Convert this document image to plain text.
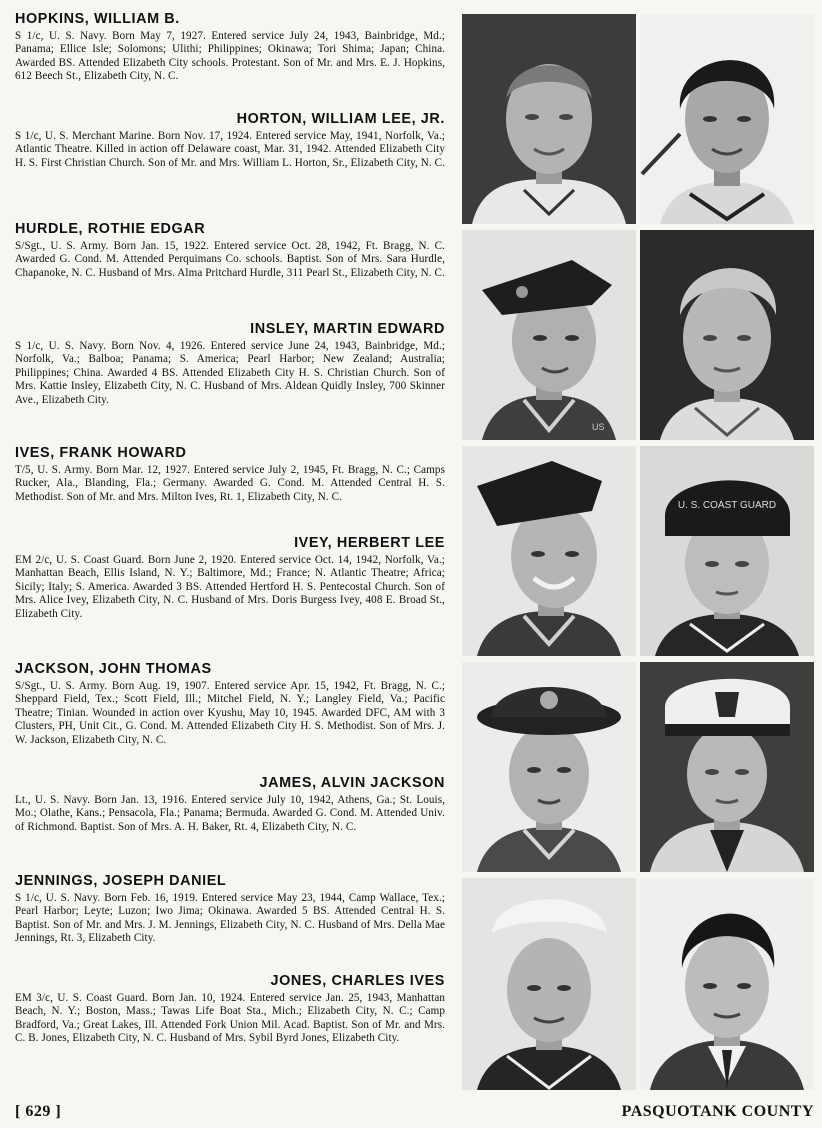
HOPKINS, WILLIAM B.

S 1/c, U. S. Navy. Born May 7, 1927. Entered service July 24, 1943, Bainbridge, Md.; Panama; Ellice Isle; Solomons; Ulithi; Philippines; Okinawa; Tori Shima; Japan; China. Awarded BS. Attended Elizabeth City schools. Protestant. Son of Mr. and Mrs. E. J. Hopkins, 612 Beech St., Elizabeth City, N. C.

HORTON, WILLIAM LEE, JR.

S 1/c, U. S. Merchant Marine. Born Nov. 17, 1924. Entered service May, 1941, Norfolk, Va.; Atlantic Theatre. Killed in action off Delaware coast, Mar. 31, 1942. Attended Elizabeth City H. S. First Christian Church. Son of Mr. and Mrs. William L. Horton, Sr., Elizabeth City, N. C.

HURDLE, ROTHIE EDGAR

S/Sgt., U. S. Army. Born Jan. 15, 1922. Entered service Oct. 28, 1942, Ft. Bragg, N. C. Awarded G. Cond. M. Attended Perquimans Co. schools. Baptist. Son of Mrs. Sara Hurdle, Chapanoke, N. C. Husband of Mrs. Alma Pritchard Hurdle, 311 Pearl St., Elizabeth City, N. C.

INSLEY, MARTIN EDWARD

S 1/c, U. S. Navy. Born Nov. 4, 1926. Entered service June 24, 1943, Bainbridge, Md.; Norfolk, Va.; Balboa; Panama; S. America; Pearl Harbor; New Zealand; Australia; Philippines; China. Awarded 4 BS. Attended Elizabeth City H. S. Christian Church. Son of Mrs. Kattie Insley, Elizabeth City, N. C. Husband of Mrs. Aldean Quidly Insley, 700 Skinner Ave., Elizabeth City.

IVES, FRANK HOWARD

T/5, U. S. Army. Born Mar. 12, 1927. Entered service July 2, 1945, Ft. Bragg, N. C.; Camps Rucker, Ala., Blanding, Fla.; Germany. Awarded G. Cond. M. Attended Central H. S. Methodist. Son of Mr. and Mrs. Milton Ives, Rt. 1, Elizabeth City, N. C.

IVEY, HERBERT LEE

EM 2/c, U. S. Coast Guard. Born June 2, 1920. Entered service Oct. 14, 1942, Norfolk, Va.; Manhattan Beach, Ellis Island, N. Y.; Baltimore, Md.; France; N. Atlantic Theatre; Africa; Sicily; Italy; S. America. Awarded 3 BS. Attended Hertford H. S. Pentecostal Church. Son of Mrs. Alice Ivey, Elizabeth City, N. C. Husband of Mrs. Doris Burgess Ivey, 408 E. Broad St., Elizabeth City.

JACKSON, JOHN THOMAS

S/Sgt., U. S. Army. Born Aug. 19, 1907. Entered service Apr. 15, 1942, Ft. Bragg, N. C.; Sheppard Field, Tex.; Scott Field, Ill.; Mitchel Field, N. Y.; Langley Field, Va.; Pacific Theatre; Tinian. Wounded in action over Kyushu, May 10, 1945. Awarded DFC, AM with 3 Clusters, PH, Unit Cit., G. Cond. M. Attended Elizabeth City H. S. Methodist. Son of Mrs. J. W. Jackson, Elizabeth City, N. C.

JAMES, ALVIN JACKSON

Lt., U. S. Navy. Born Jan. 13, 1916. Entered service July 10, 1942, Athens, Ga.; St. Louis, Mo.; Olathe, Kans.; Pensacola, Fla.; Panama; Bermuda. Awarded G. Cond. M. Attended Univ. of Richmond. Baptist. Son of Mrs. A. H. Baker, Rt. 4, Elizabeth City, N. C.

JENNINGS, JOSEPH DANIEL

S 1/c, U. S. Navy. Born Feb. 16, 1919. Entered service May 23, 1944, Camp Wallace, Tex.; Pearl Harbor; Leyte; Luzon; Iwo Jima; Okinawa. Awarded 5 BS. Attended Central H. S. Baptist. Son of Mr. and Mrs. J. M. Jennings, Elizabeth City, N. C. Husband of Mrs. Della Mae Jennings, Rt. 3, Elizabeth City.

JONES, CHARLES IVES

EM 3/c, U. S. Coast Guard. Born Jan. 10, 1924. Entered service Jan. 25, 1943, Manhattan Beach, N. Y.; Boston, Mass.; Tawas Life Boat Sta., Mich.; Elizabeth City, N. C.; Camp Bradford, Va.; Great Lakes, Ill. Attended Fork Union Mil. Acad. Baptist. Son of Mr. and Mrs. C. B. Jones, Elizabeth City, N. C. Husband of Mrs. Sybil Byrd Jones, Elizabeth City.

US
U. S. COAST GUARD
[ 629 ]	PASQUOTANK COUNTY
